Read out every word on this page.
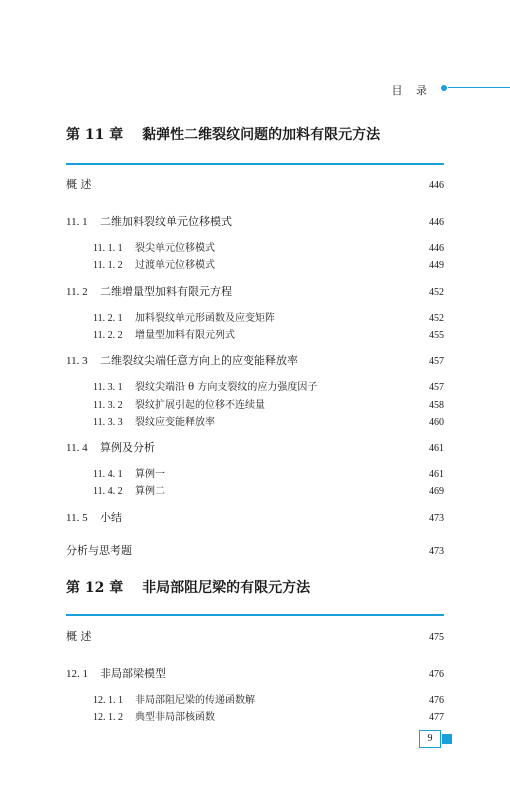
目 录
第 11 章 黏弹性二维裂纹问题的加料有限元方法
概 述	446
11. 1 二维加料裂纹单元位移模式	446
11. 1. 1 裂尖单元位移模式	446
11. 1. 2 过渡单元位移模式	449
11. 2 二维增量型加料有限元方程	452
11. 2. 1 加料裂纹单元形函数及应变矩阵	452
11. 2. 2 增量型加料有限元列式	455
11. 3 二维裂纹尖端任意方向上的应变能释放率	457
11. 3. 1 裂纹尖端沿 θ 方向支裂纹的应力强度因子	457
11. 3. 2 裂纹扩展引起的位移不连续量	458
11. 3. 3 裂纹应变能释放率	460
11. 4 算例及分析	461
11. 4. 1 算例一	461
11. 4. 2 算例二	469
11. 5 小结	473
分析与思考题	473
第 12 章 非局部阻尼梁的有限元方法
概 述	475
12. 1 非局部梁模型	476
12. 1. 1 非局部阻尼梁的传递函数解	476
12. 1. 2 典型非局部核函数	477
9
